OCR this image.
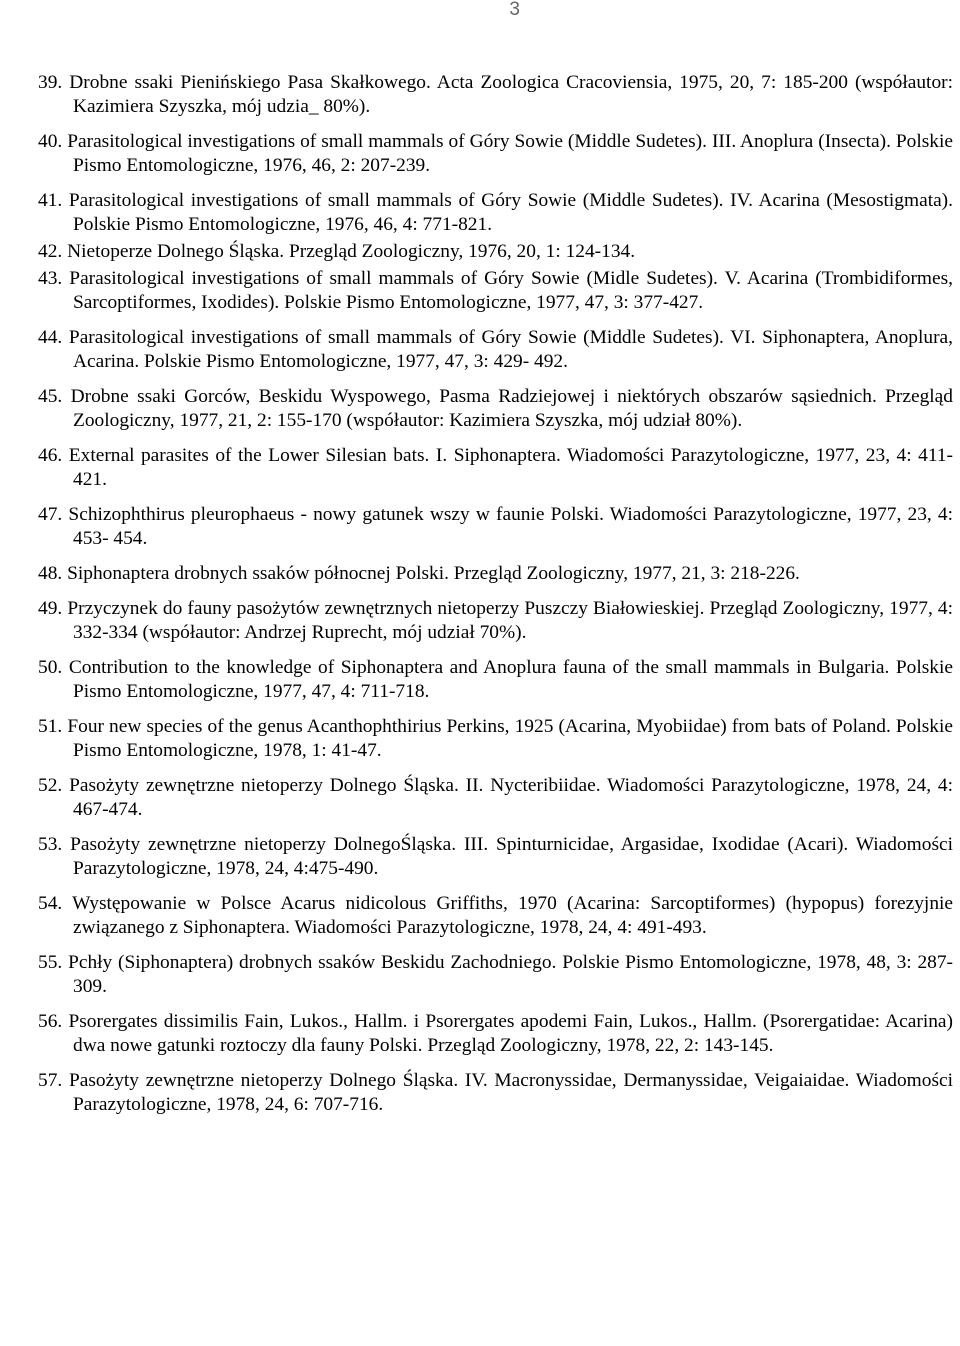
3
39. Drobne ssaki Pienińskiego Pasa Skałkowego. Acta Zoologica Cracoviensia, 1975, 20, 7: 185-200 (współautor: Kazimiera Szyszka, mój udzia_ 80%).
40. Parasitological investigations of small mammals of Góry Sowie (Middle Sudetes). III. Anoplura (Insecta). Polskie Pismo Entomologiczne, 1976, 46, 2: 207-239.
41. Parasitological investigations of small mammals of Góry Sowie (Middle Sudetes). IV. Acarina (Mesostigmata). Polskie Pismo Entomologiczne, 1976, 46, 4: 771-821.
42. Nietoperze Dolnego Śląska. Przegląd Zoologiczny, 1976, 20, 1: 124-134.
43. Parasitological investigations of small mammals of Góry Sowie (Midle Sudetes). V. Acarina (Trombidiformes, Sarcoptiformes, Ixodides). Polskie Pismo Entomologiczne, 1977, 47, 3: 377-427.
44. Parasitological investigations of small mammals of Góry Sowie (Middle Sudetes). VI. Siphonaptera, Anoplura, Acarina. Polskie Pismo Entomologiczne, 1977, 47, 3: 429- 492.
45. Drobne ssaki Gorców, Beskidu Wyspowego, Pasma Radziejowej i niektórych obszarów sąsiednich. Przegląd Zoologiczny, 1977, 21, 2: 155-170 (współautor: Kazimiera Szyszka, mój udział 80%).
46. External parasites of the Lower Silesian bats. I. Siphonaptera. Wiadomości Parazytologiczne, 1977, 23, 4: 411-421.
47. Schizophthirus pleurophaeus - nowy gatunek wszy w faunie Polski. Wiadomości Parazytologiczne, 1977, 23, 4: 453- 454.
48. Siphonaptera drobnych ssaków północnej Polski. Przegląd Zoologiczny, 1977, 21, 3: 218-226.
49. Przyczynek do fauny pasożytów zewnętrznych nietoperzy Puszczy Białowieskiej. Przegląd Zoologiczny, 1977, 4: 332-334 (współautor: Andrzej Ruprecht, mój udział 70%).
50. Contribution to the knowledge of Siphonaptera and Anoplura fauna of the small mammals in Bulgaria. Polskie Pismo Entomologiczne, 1977, 47, 4: 711-718.
51. Four new species of the genus Acanthophthirius Perkins, 1925 (Acarina, Myobiidae) from bats of Poland. Polskie Pismo Entomologiczne, 1978, 1: 41-47.
52. Pasożyty zewnętrzne nietoperzy Dolnego Śląska. II. Nycteribiidae. Wiadomości Parazytologiczne, 1978, 24, 4: 467-474.
53. Pasożyty zewnętrzne nietoperzy DolnegoŚląska. III. Spinturnicidae, Argasidae, Ixodidae (Acari). Wiadomości Parazytologiczne, 1978, 24, 4:475-490.
54. Występowanie w Polsce Acarus nidicolous Griffiths, 1970 (Acarina: Sarcoptiformes) (hypopus) forezyjnie związanego z Siphonaptera. Wiadomości Parazytologiczne, 1978, 24, 4: 491-493.
55. Pchły (Siphonaptera) drobnych ssaków Beskidu Zachodniego. Polskie Pismo Entomologiczne, 1978, 48, 3: 287-309.
56. Psorergates dissimilis Fain, Lukos., Hallm. i Psorergates apodemi Fain, Lukos., Hallm. (Psorergatidae: Acarina) dwa nowe gatunki roztoczy dla fauny Polski. Przegląd Zoologiczny, 1978, 22, 2: 143-145.
57. Pasożyty zewnętrzne nietoperzy Dolnego Śląska. IV. Macronyssidae, Dermanyssidae, Veigaiaidae. Wiadomości Parazytologiczne, 1978, 24, 6: 707-716.
